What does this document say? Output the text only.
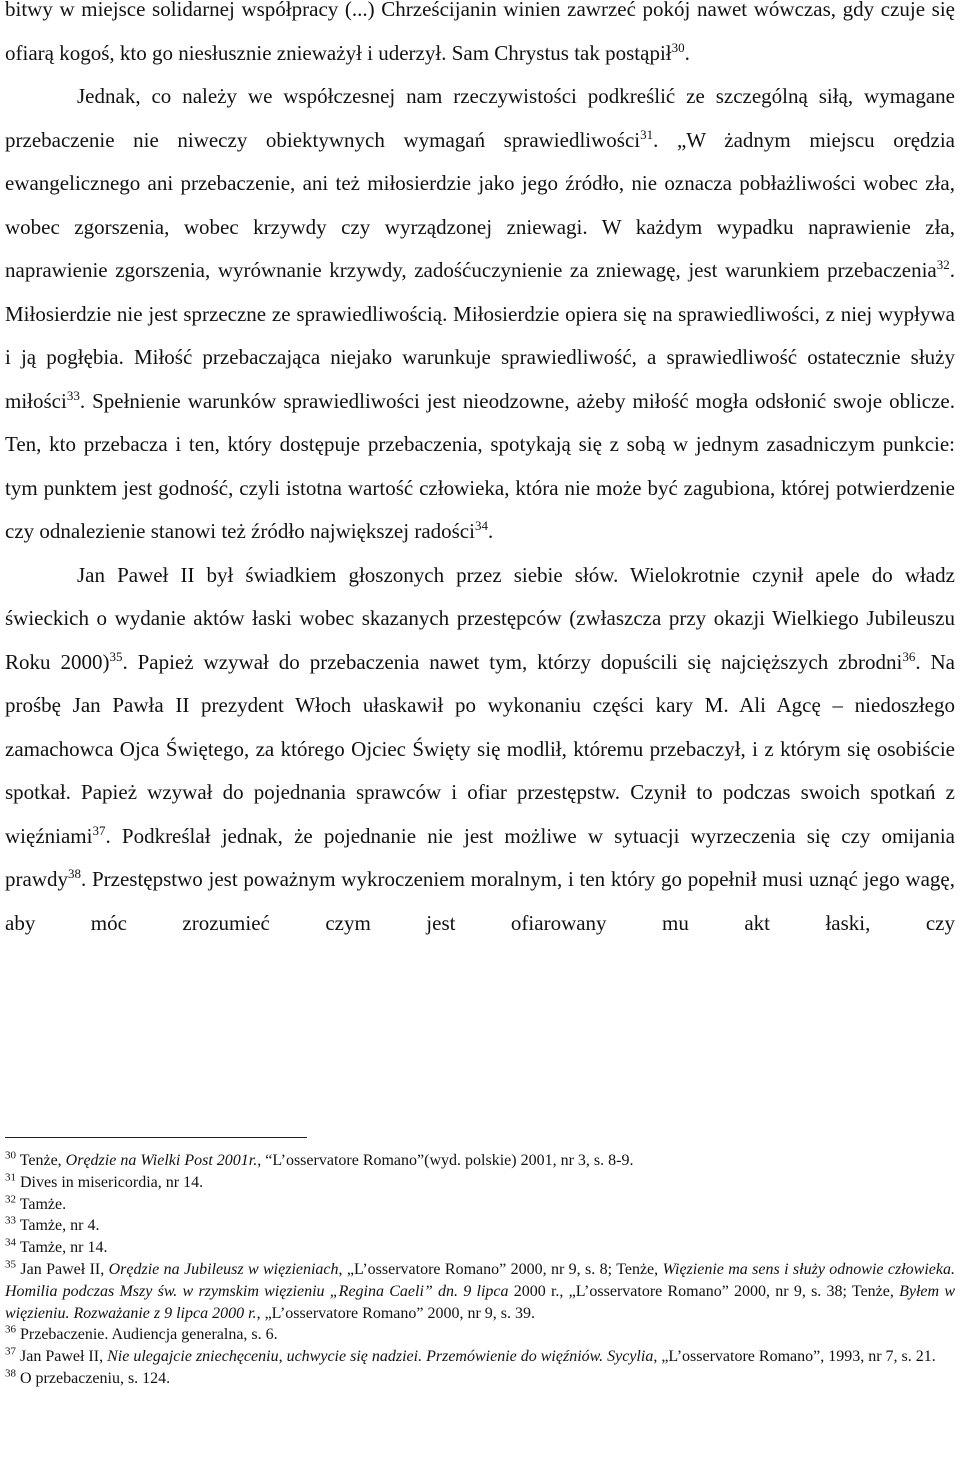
bitwy w miejsce solidarnej współpracy (...) Chrześcijanin winien zawrzeć pokój nawet wówczas, gdy czuje się ofiarą kogoś, kto go niesłusznie znieważył i uderzył. Sam Chrystus tak postąpił$^{30}$.

Jednak, co należy we współczesnej nam rzeczywistości podkreślić ze szczególną siłą, wymagane przebaczenie nie niweczy obiektywnych wymagań sprawiedliwości$^{31}$. „W żadnym miejscu orędzia ewangelicznego ani przebaczenie, ani też miłosierdzie jako jego źródło, nie oznacza pobłażliwości wobec zła, wobec zgorszenia, wobec krzywdy czy wyrządzonej zniewagi. W każdym wypadku naprawienie zła, naprawienie zgorszenia, wyrównanie krzywdy, zadośćuczynienie za zniewagę, jest warunkiem przebaczenia$^{32}$. Miłosierdzie nie jest sprzeczne ze sprawiedliwością. Miłosierdzie opiera się na sprawiedliwości, z niej wypływa i ją pogłębia. Miłość przebaczająca niejako warunkuje sprawiedliwość, a sprawiedliwość ostatecznie służy miłości$^{33}$. Spełnienie warunków sprawiedliwości jest nieodzowne, ażeby miłość mogła odsłonić swoje oblicze. Ten, kto przebacza i ten, który dostępuje przebaczenia, spotykają się z sobą w jednym zasadniczym punkcie: tym punktem jest godność, czyli istotna wartość człowieka, która nie może być zagubiona, której potwierdzenie czy odnalezienie stanowi też źródło największej radości$^{34}$.

Jan Paweł II był świadkiem głoszonych przez siebie słów. Wielokrotnie czynił apele do władz świeckich o wydanie aktów łaski wobec skazanych przestępców (zwłaszcza przy okazji Wielkiego Jubileuszu Roku 2000)$^{35}$. Papież wzywał do przebaczenia nawet tym, którzy dopuścili się najcięższych zbrodni$^{36}$. Na prośbę Jan Pawła II prezydent Włoch ułaskawił po wykonaniu części kary M. Ali Agcę – niedoszłego zamachowca Ojca Świętego, za którego Ojciec Święty się modlił, któremu przebaczył, i z którym się osobiście spotkał. Papież wzywał do pojednania sprawców i ofiar przestępstw. Czynił to podczas swoich spotkań z więźniami$^{37}$. Podkreślał jednak, że pojednanie nie jest możliwe w sytuacji wyrzeczenia się czy omijania prawdy$^{38}$. Przestępstwo jest poważnym wykroczeniem moralnym, i ten który go popełnił musi uznąć jego wagę, aby móc zrozumieć czym jest ofiarowany mu akt łaski, czy

$^{30}$ Tenże, Orędzie na Wielki Post 2001r., “L’osservatore Romano”(wyd. polskie) 2001, nr 3, s. 8-9.

$^{31}$ Dives in misericordia, nr 14.

$^{32}$ Tamże.

$^{33}$ Tamże, nr 4.

$^{34}$ Tamże, nr 14.

$^{35}$ Jan Paweł II, Orędzie na Jubileusz w więzieniach, „L’osservatore Romano” 2000, nr 9, s. 8; Tenże, Więzienie ma sens i służy odnowie człowieka. Homilia podczas Mszy św. w rzymskim więzieniu „Regina Caeli” dn. 9 lipca 2000 r., „L’osservatore Romano” 2000, nr 9, s. 38; Tenże, Byłem w więzieniu. Rozważanie z 9 lipca 2000 r., „L’osservatore Romano” 2000, nr 9, s. 39.

$^{36}$ Przebaczenie. Audiencja generalna, s. 6.

$^{37}$ Jan Paweł II, Nie ulegajcie zniechęceniu, uchwycie się nadziei. Przemówienie do więźniów. Sycylia, „L’osservatore Romano”, 1993, nr 7, s. 21.

$^{38}$ O przebaczeniu, s. 124.
